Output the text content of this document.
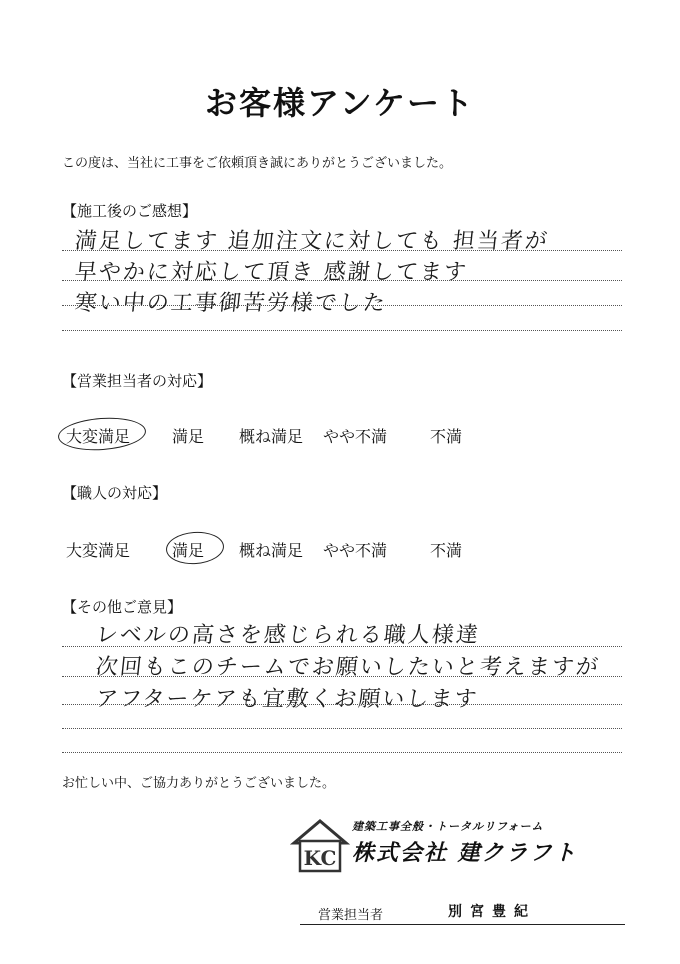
お客様アンケート
この度は、当社に工事をご依頼頂き誠にありがとうございました。
【施工後のご感想】
満足してます 追加注文に対しても 担当者が
早やかに対応して頂き 感謝してます
寒い中の工事御苦労様でした
【営業担当者の対応】
大変満足	満足 概ね満足 やや不満	不満
【職人の対応】
大変満足	満足 概ね満足 やや不満	不満
【その他ご意見】
レベルの高さを感じられる職人様達
次回もこのチームでお願いしたいと考えますが
アフターケアも宜敷くお願いします
お忙しい中、ご協力ありがとうございました。
KC
建築工事全般・トータルリフォーム
株式会社 建クラフト
営業担当者	別宮豊紀
